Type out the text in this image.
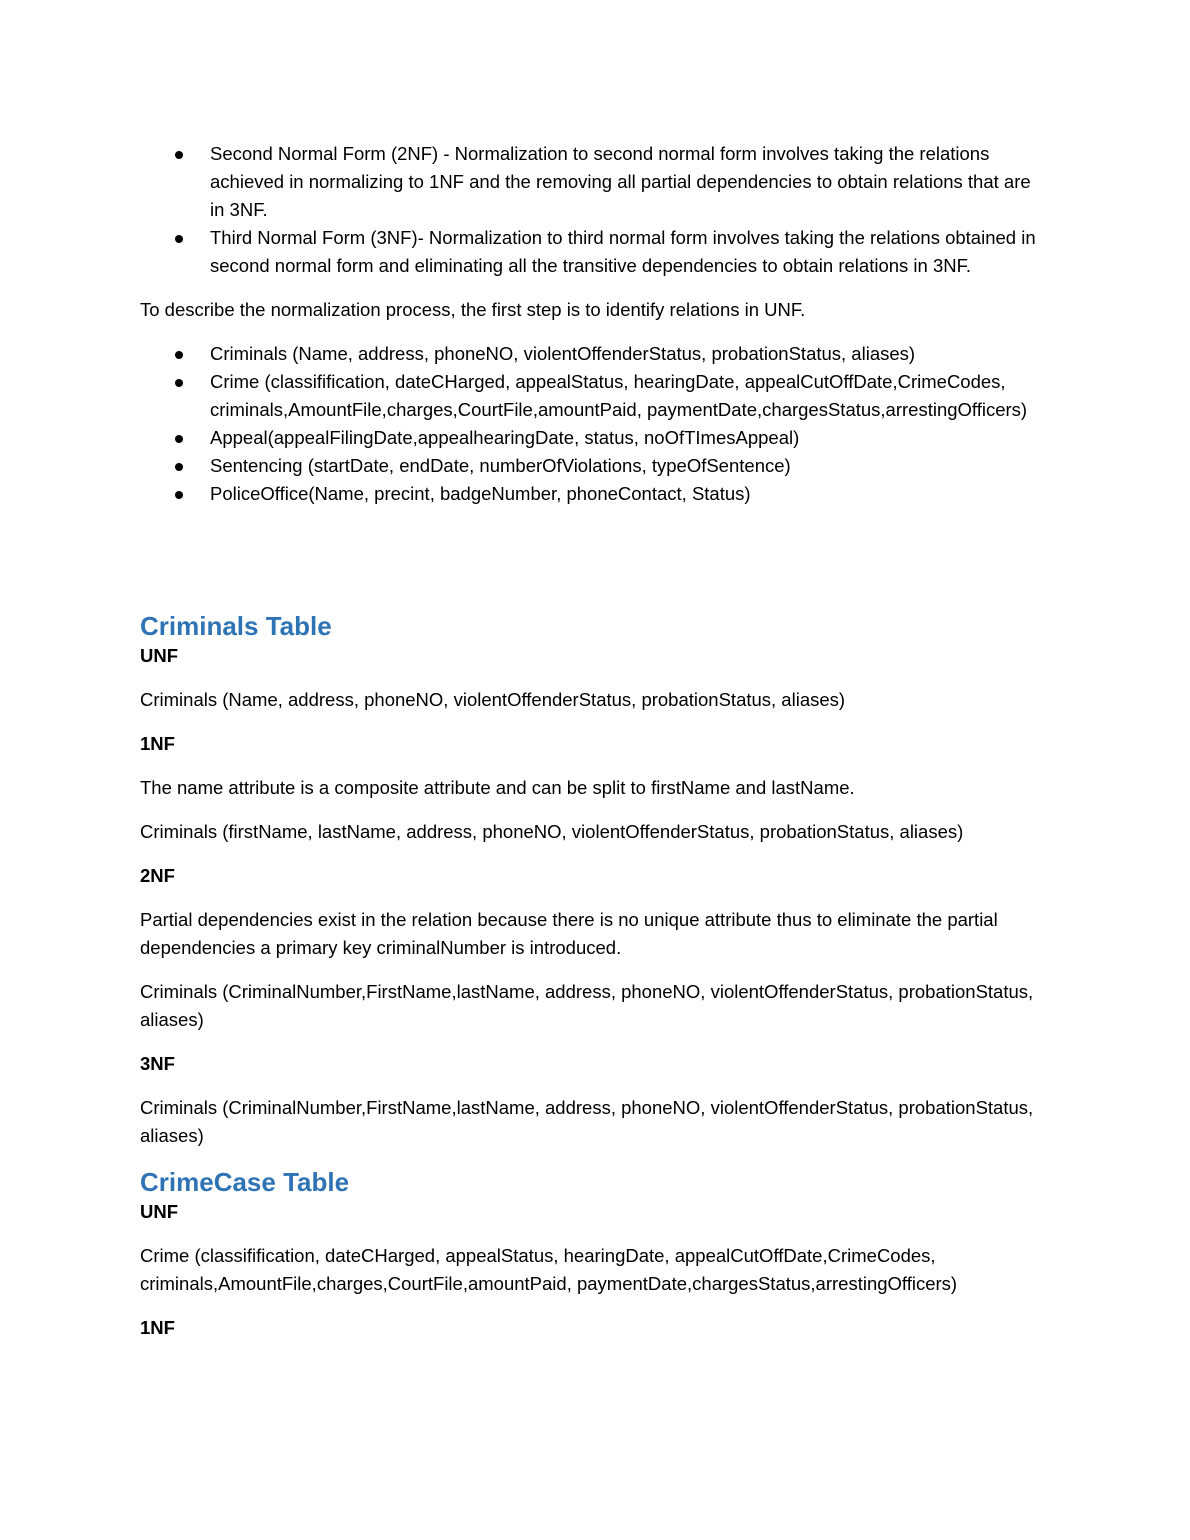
Second Normal Form (2NF) - Normalization to second normal form involves taking the relations achieved in normalizing to 1NF and the removing all partial dependencies to obtain relations that are in 3NF.
Third Normal Form (3NF)- Normalization to third normal form involves taking the relations obtained in second normal form and eliminating all the transitive dependencies to obtain relations in 3NF.

To describe the normalization process, the first step is to identify relations in UNF.

Criminals (Name, address, phoneNO, violentOffenderStatus, probationStatus, aliases)
Crime (classifification, dateCHarged, appealStatus, hearingDate, appealCutOffDate,CrimeCodes, criminals,AmountFile,charges,CourtFile,amountPaid, paymentDate,chargesStatus,arrestingOfficers)
Appeal(appealFilingDate,appealhearingDate, status, noOfTImesAppeal)
Sentencing (startDate, endDate, numberOfViolations, typeOfSentence)
PoliceOffice(Name, precint, badgeNumber, phoneContact, Status)
Criminals Table

UNF

Criminals (Name, address, phoneNO, violentOffenderStatus, probationStatus, aliases)

1NF

The name attribute is a composite attribute and can be split to firstName and lastName.

Criminals (firstName, lastName, address, phoneNO, violentOffenderStatus, probationStatus, aliases)

2NF

Partial dependencies exist in the relation because there is no unique attribute thus to eliminate the partial dependencies a primary key criminalNumber is introduced.

Criminals (CriminalNumber,FirstName,lastName, address, phoneNO, violentOffenderStatus, probationStatus, aliases)

3NF

Criminals (CriminalNumber,FirstName,lastName, address, phoneNO, violentOffenderStatus, probationStatus, aliases)

CrimeCase Table

UNF

Crime (classifification, dateCHarged, appealStatus, hearingDate, appealCutOffDate,CrimeCodes, criminals,AmountFile,charges,CourtFile,amountPaid, paymentDate,chargesStatus,arrestingOfficers)

1NF
